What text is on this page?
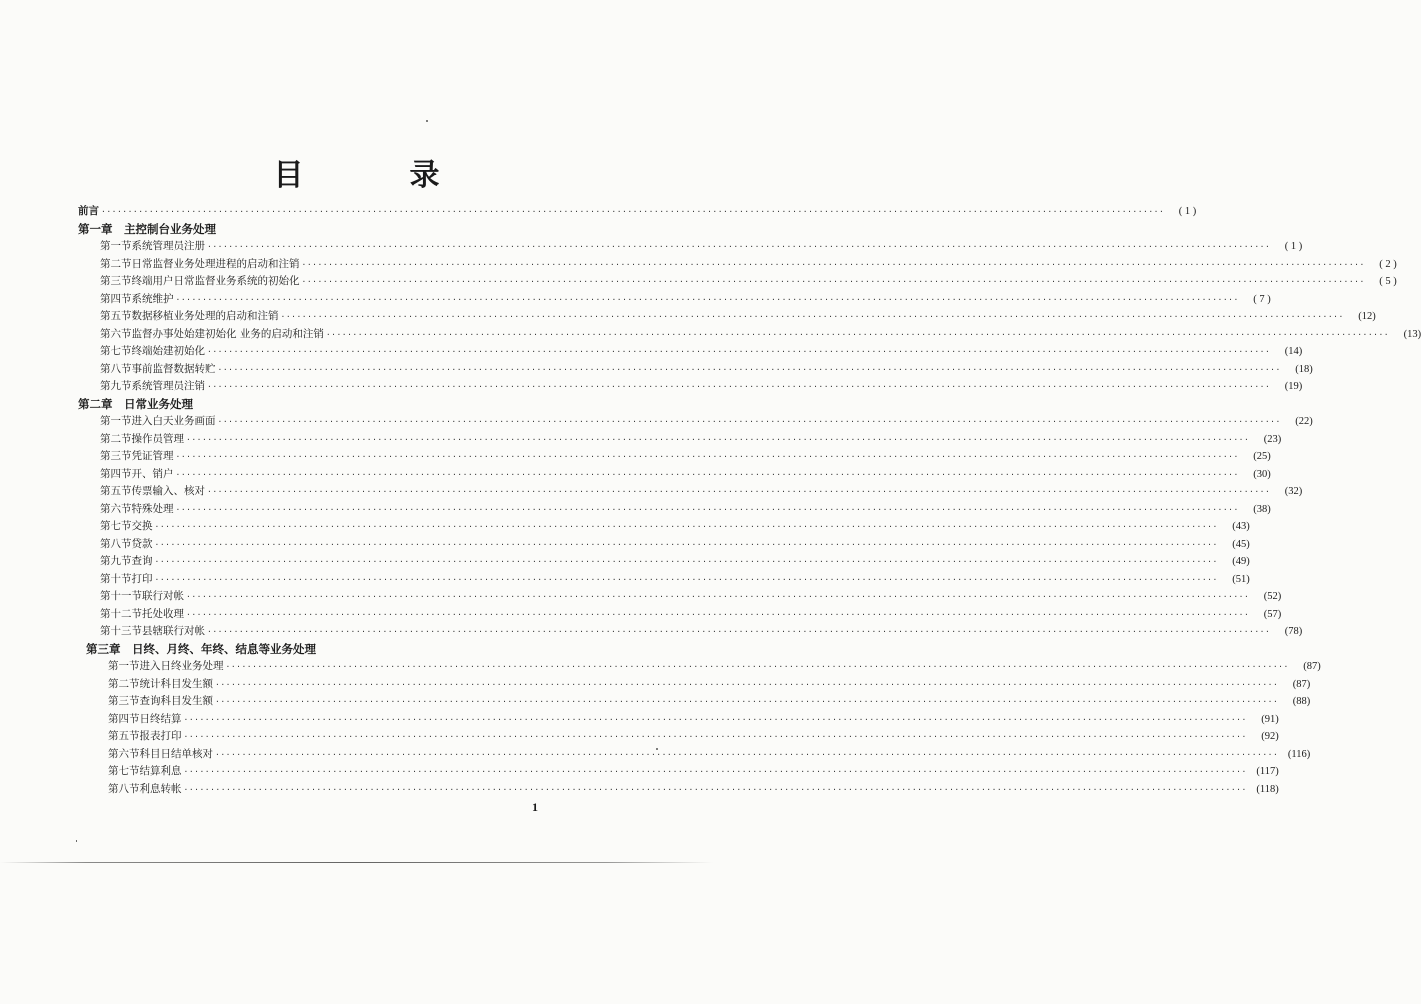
目　录
前言 ········································································································································································································	( 1 )
第一章	主控制台业务处理
第一节 系统管理员注册 ········································································································································································································	( 1 )
第二节 日常监督业务处理进程的启动和注销 ········································································································································································································	( 2 )
第三节 终端用户日常监督业务系统的初始化 ········································································································································································································	( 5 )
第四节 系统维护 ········································································································································································································	( 7 )
第五节 数据移植业务处理的启动和注销 ········································································································································································································	(12)
第六节 监督办事处始建初始化 业务的启动和注销 ········································································································································································································	(13)
第七节 终端始建初始化 ········································································································································································································	(14)
第八节 事前监督数据转贮 ········································································································································································································	(18)
第九节 系统管理员注销 ········································································································································································································	(19)
第二章	日常业务处理
第一节 进入白天业务画面 ········································································································································································································	(22)
第二节 操作员管理 ········································································································································································································	(23)
第三节 凭证管理 ········································································································································································································	(25)
第四节 开、销户 ········································································································································································································	(30)
第五节 传票输入、核对 ········································································································································································································	(32)
第六节 特殊处理 ········································································································································································································	(38)
第七节 交换 ········································································································································································································	(43)
第八节 贷款 ········································································································································································································	(45)
第九节 查询 ········································································································································································································	(49)
第十节 打印 ········································································································································································································	(51)
第十一节 联行对帐 ········································································································································································································	(52)
第十二节 托处收理 ········································································································································································································	(57)
第十三节 县辖联行对帐 ········································································································································································································	(78)
第三章	日终、月终、年终、结息等业务处理
第一节 进入日终业务处理 ········································································································································································································	(87)
第二节 统计科目发生额 ········································································································································································································	(87)
第三节 查询科目发生额 ········································································································································································································	(88)
第四节 日终结算 ········································································································································································································	(91)
第五节 报表打印 ········································································································································································································	(92)
第六节 科目日结单核对 ········································································································································································································ (116)
第七节 结算利息 ········································································································································································································ (117)
第八节 利息转帐 ········································································································································································································ (118)
1
